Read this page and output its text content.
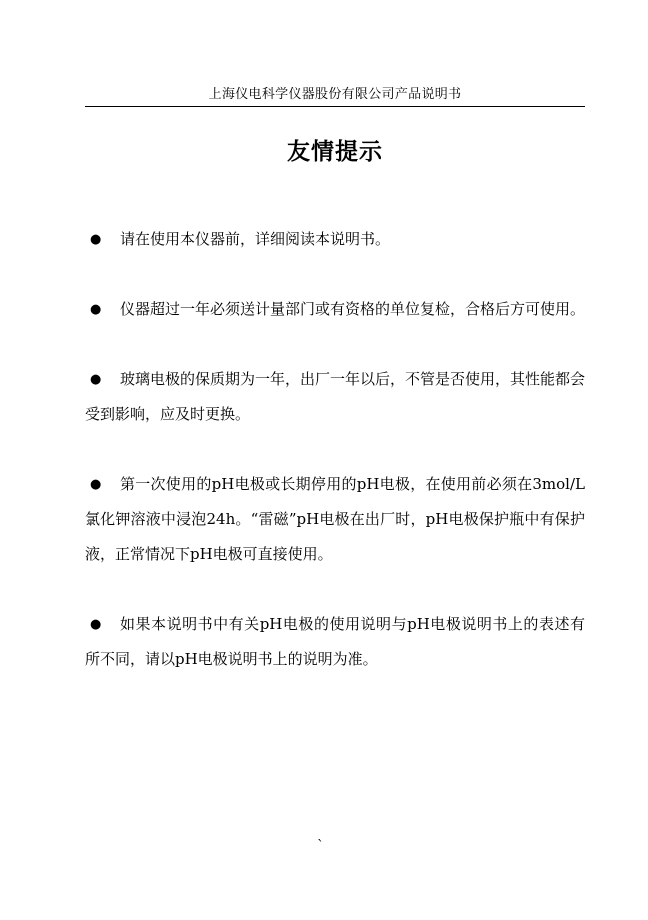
上海仪电科学仪器股份有限公司产品说明书
友情提示
● 请在使用本仪器前，详细阅读本说明书。
● 仪器超过一年必须送计量部门或有资格的单位复检，合格后方可使用。
● 玻璃电极的保质期为一年，出厂一年以后，不管是否使用，其性能都会受到影响，应及时更换。
● 第一次使用的pH电极或长期停用的pH电极，在使用前必须在3mol/L氯化钾溶液中浸泡24h。“雷磁”pH电极在出厂时，pH电极保护瓶中有保护液，正常情况下pH电极可直接使用。
● 如果本说明书中有关pH电极的使用说明与pH电极说明书上的表述有所不同，请以pH电极说明书上的说明为准。
`
